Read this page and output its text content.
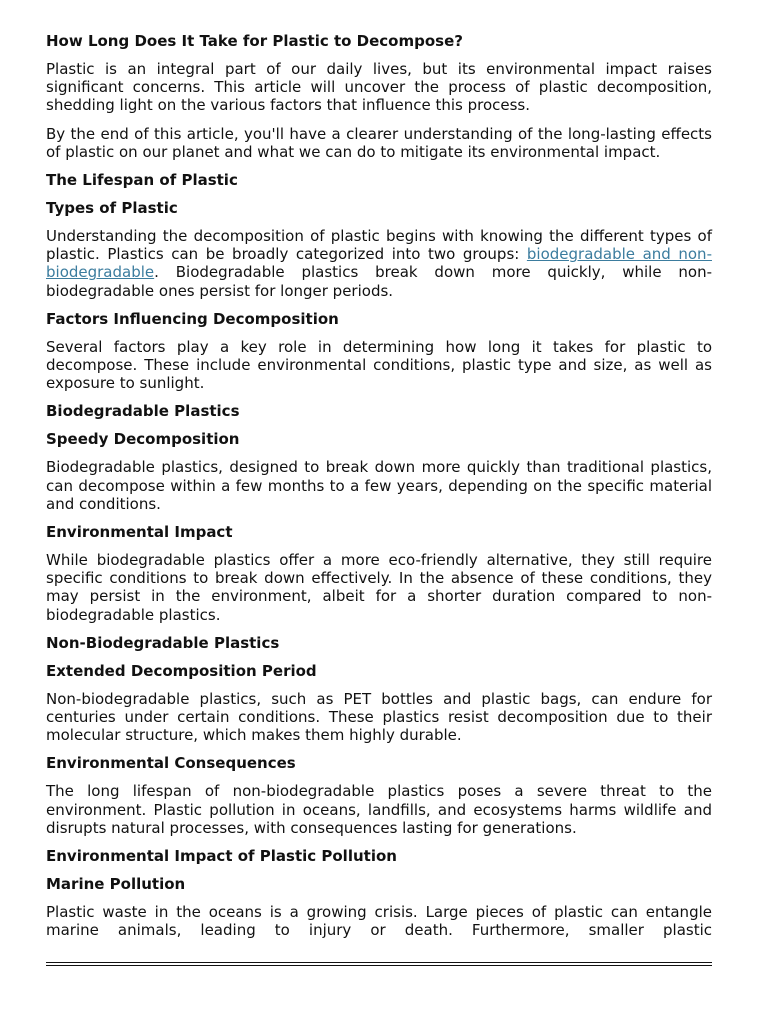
How Long Does It Take for Plastic to Decompose?

Plastic is an integral part of our daily lives, but its environmental impact raises significant concerns. This article will uncover the process of plastic decomposition, shedding light on the various factors that influence this process.

By the end of this article, you'll have a clearer understanding of the long-lasting effects of plastic on our planet and what we can do to mitigate its environmental impact.

The Lifespan of Plastic
Types of Plastic

Understanding the decomposition of plastic begins with knowing the different types of plastic. Plastics can be broadly categorized into two groups: biodegradable and non-biodegradable. Biodegradable plastics break down more quickly, while non-biodegradable ones persist for longer periods.

Factors Influencing Decomposition

Several factors play a key role in determining how long it takes for plastic to decompose. These include environmental conditions, plastic type and size, as well as exposure to sunlight.

Biodegradable Plastics
Speedy Decomposition

Biodegradable plastics, designed to break down more quickly than traditional plastics, can decompose within a few months to a few years, depending on the specific material and conditions.

Environmental Impact

While biodegradable plastics offer a more eco-friendly alternative, they still require specific conditions to break down effectively. In the absence of these conditions, they may persist in the environment, albeit for a shorter duration compared to non-biodegradable plastics.

Non-Biodegradable Plastics
Extended Decomposition Period

Non-biodegradable plastics, such as PET bottles and plastic bags, can endure for centuries under certain conditions. These plastics resist decomposition due to their molecular structure, which makes them highly durable.

Environmental Consequences

The long lifespan of non-biodegradable plastics poses a severe threat to the environment. Plastic pollution in oceans, landfills, and ecosystems harms wildlife and disrupts natural processes, with consequences lasting for generations.

Environmental Impact of Plastic Pollution
Marine Pollution

Plastic waste in the oceans is a growing crisis. Large pieces of plastic can entangle
marine animals, leading to injury or death. Furthermore, smaller plastic
